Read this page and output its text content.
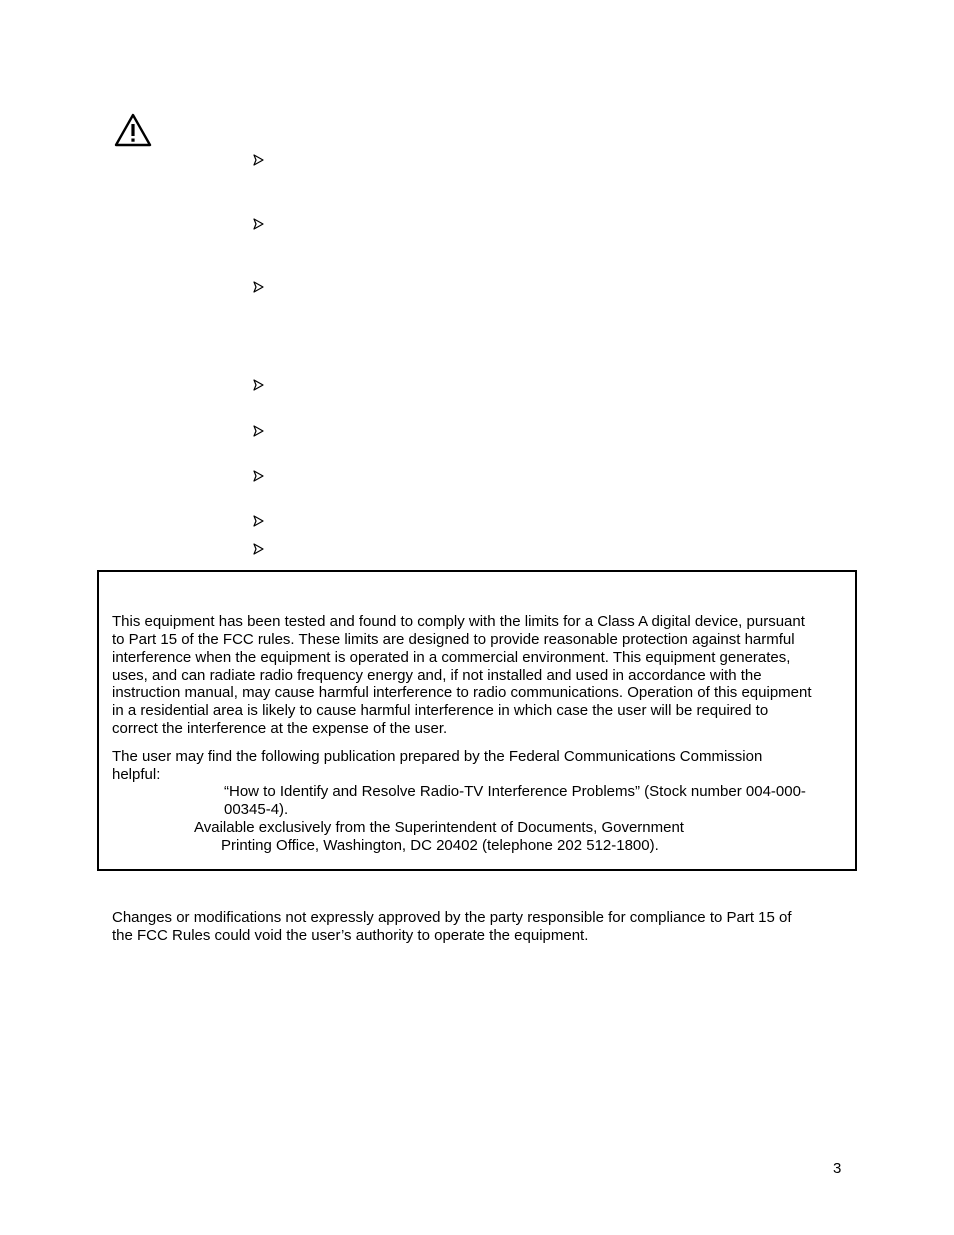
This equipment has been tested and found to comply with the limits for a Class A digital device, pursuant
to Part 15 of the FCC rules. These limits are designed to provide reasonable protection against harmful
interference when the equipment is operated in a commercial environment. This equipment generates,
uses, and can radiate radio frequency energy and, if not installed and used in accordance with the
instruction manual, may cause harmful interference to radio communications. Operation of this equipment
in a residential area is likely to cause harmful interference in which case the user will be required to
correct the interference at the expense of the user.
The user may find the following publication prepared by the Federal Communications Commission
helpful:
“How to Identify and Resolve Radio-TV Interference Problems” (Stock number 004-000-
00345-4).
Available exclusively from the Superintendent of Documents, Government
Printing Office, Washington, DC 20402 (telephone 202 512-1800).
Changes or modifications not expressly approved by the party responsible for compliance to Part 15 of
the FCC Rules could void the user’s authority to operate the equipment.
3
